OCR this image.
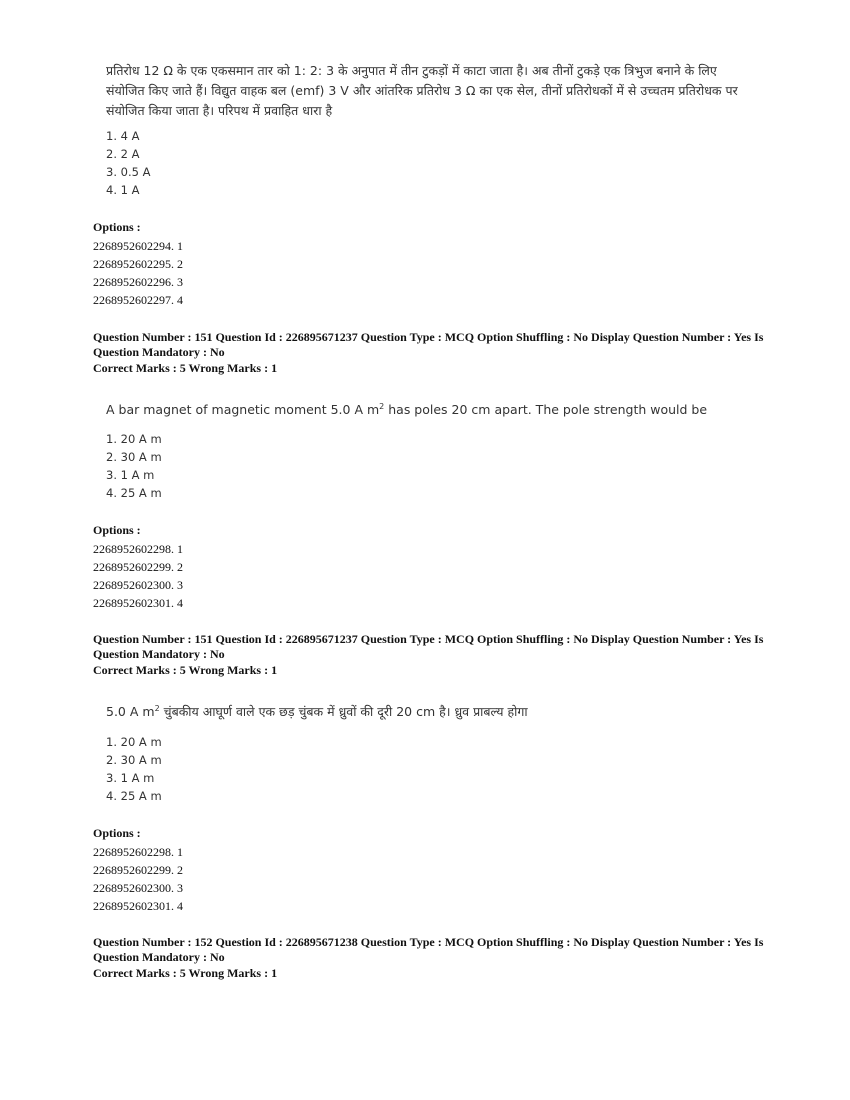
प्रतिरोध 12 Ω के एक एकसमान तार को 1: 2: 3 के अनुपात में तीन टुकड़ों में काटा जाता है। अब तीनों टुकड़े एक त्रिभुज बनाने के लिए संयोजित किए जाते हैं। विद्युत वाहक बल (emf) 3 V और आंतरिक प्रतिरोध 3 Ω का एक सेल, तीनों प्रतिरोधकों में से उच्चतम प्रतिरोधक पर संयोजित किया जाता है। परिपथ में प्रवाहित धारा है
1. 4 A
2. 2 A
3. 0.5 A
4. 1 A
Options :
2268952602294. 1
2268952602295. 2
2268952602296. 3
2268952602297. 4
Question Number : 151 Question Id : 226895671237 Question Type : MCQ Option Shuffling : No Display Question Number : Yes Is Question Mandatory : No
Correct Marks : 5 Wrong Marks : 1
A bar magnet of magnetic moment 5.0 A $m^2$ has poles 20 cm apart. The pole strength would be
1. 20 A m
2. 30 A m
3. 1 A m
4. 25 A m
Options :
2268952602298. 1
2268952602299. 2
2268952602300. 3
2268952602301. 4
Question Number : 151 Question Id : 226895671237 Question Type : MCQ Option Shuffling : No Display Question Number : Yes Is Question Mandatory : No
Correct Marks : 5 Wrong Marks : 1
5.0 A $m^2$ चुंबकीय आघूर्ण वाले एक छड़ चुंबक में ध्रुवों की दूरी 20 cm है। ध्रुव प्राबल्य होगा
1. 20 A m
2. 30 A m
3. 1 A m
4. 25 A m
Options :
2268952602298. 1
2268952602299. 2
2268952602300. 3
2268952602301. 4
Question Number : 152 Question Id : 226895671238 Question Type : MCQ Option Shuffling : No Display Question Number : Yes Is Question Mandatory : No
Correct Marks : 5 Wrong Marks : 1
